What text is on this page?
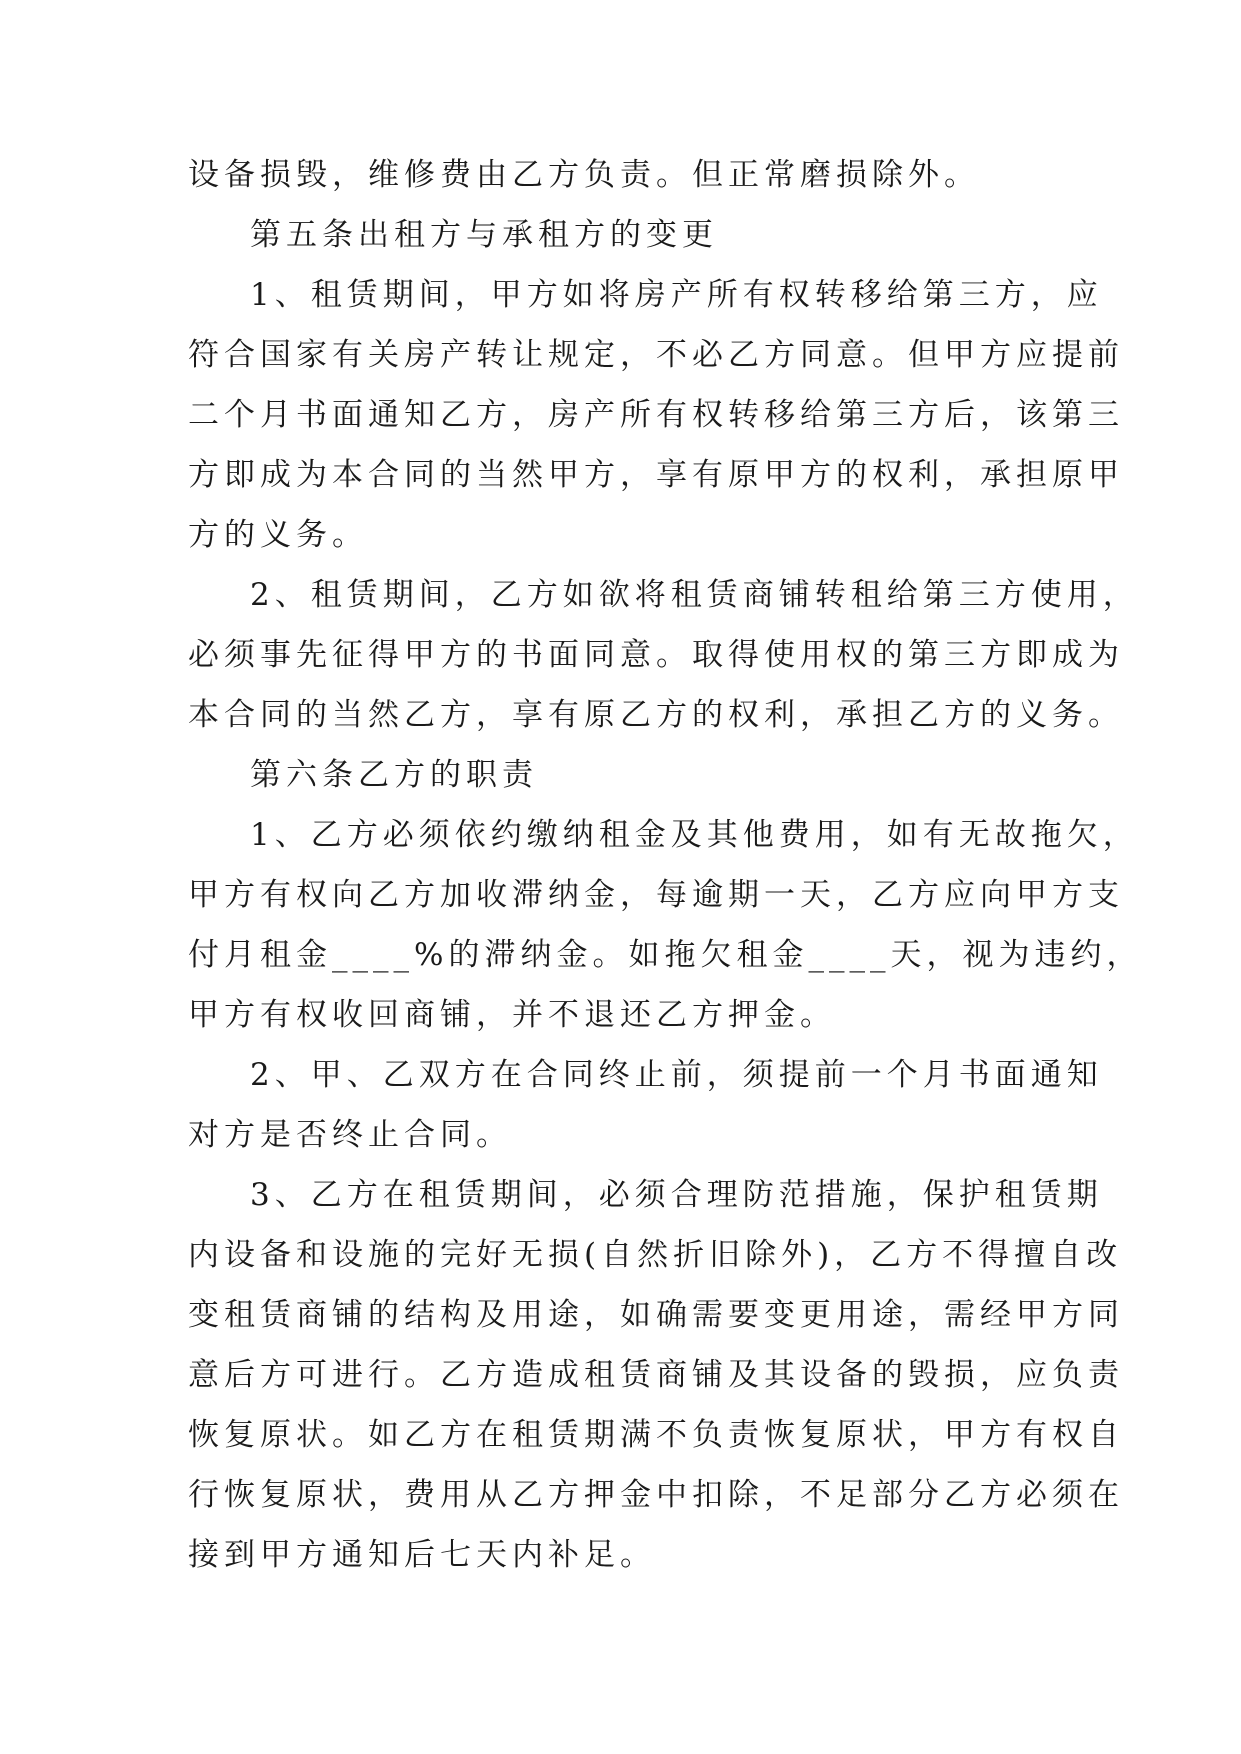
设备损毁，维修费由乙方负责。但正常磨损除外。
第五条出租方与承租方的变更
1、租赁期间，甲方如将房产所有权转移给第三方，应
符合国家有关房产转让规定，不必乙方同意。但甲方应提前
二个月书面通知乙方，房产所有权转移给第三方后，该第三
方即成为本合同的当然甲方，享有原甲方的权利，承担原甲
方的义务。
2、租赁期间，乙方如欲将租赁商铺转租给第三方使用，
必须事先征得甲方的书面同意。取得使用权的第三方即成为
本合同的当然乙方，享有原乙方的权利，承担乙方的义务。
第六条乙方的职责
1、乙方必须依约缴纳租金及其他费用，如有无故拖欠，
甲方有权向乙方加收滞纳金，每逾期一天，乙方应向甲方支
付月租金____%的滞纳金。如拖欠租金____天，视为违约，
甲方有权收回商铺，并不退还乙方押金。
2、甲、乙双方在合同终止前，须提前一个月书面通知
对方是否终止合同。
3、乙方在租赁期间，必须合理防范措施，保护租赁期
内设备和设施的完好无损(自然折旧除外)，乙方不得擅自改
变租赁商铺的结构及用途，如确需要变更用途，需经甲方同
意后方可进行。乙方造成租赁商铺及其设备的毁损，应负责
恢复原状。如乙方在租赁期满不负责恢复原状，甲方有权自
行恢复原状，费用从乙方押金中扣除，不足部分乙方必须在
接到甲方通知后七天内补足。
